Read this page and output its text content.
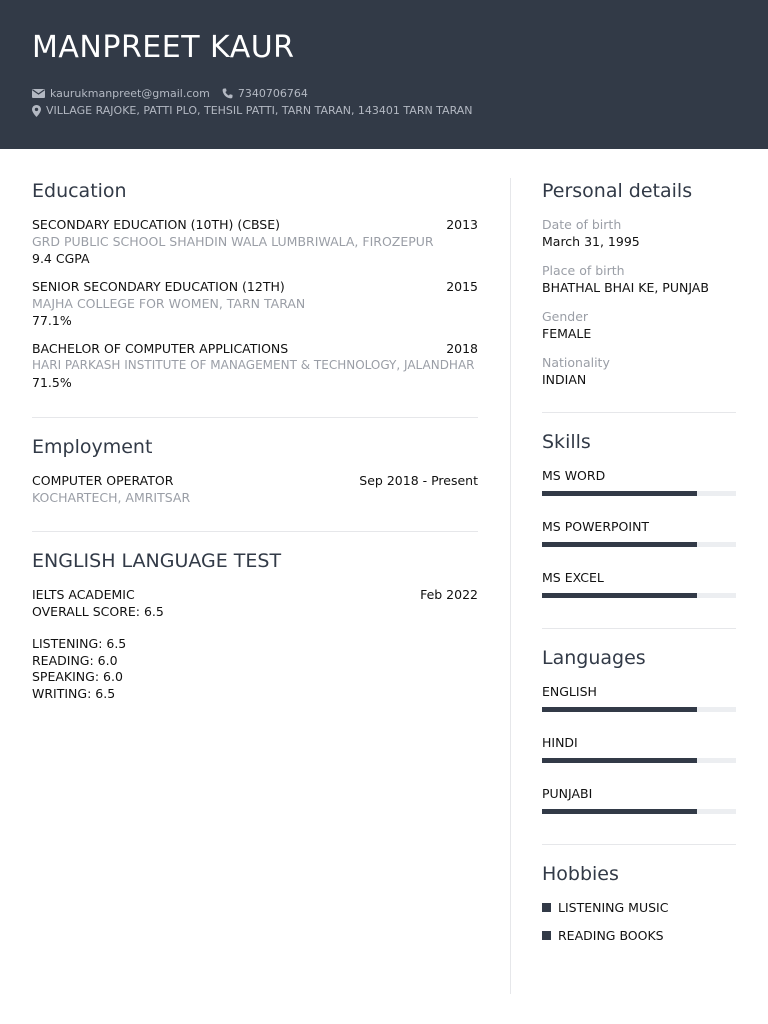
MANPREET KAUR
kaurukmanpreet@gmail.com	7340706764
VILLAGE RAJOKE, PATTI PLO, TEHSIL PATTI, TARN TARAN, 143401 TARN TARAN
Education
SECONDARY EDUCATION (10TH) (CBSE)	2013
GRD PUBLIC SCHOOL SHAHDIN WALA LUMBRIWALA, FIROZEPUR
9.4 CGPA
SENIOR SECONDARY EDUCATION (12TH)	2015
MAJHA COLLEGE FOR WOMEN, TARN TARAN
77.1%
BACHELOR OF COMPUTER APPLICATIONS	2018
HARI PARKASH INSTITUTE OF MANAGEMENT & TECHNOLOGY, JALANDHAR
71.5%
Employment
COMPUTER OPERATOR	Sep 2018 - Present
KOCHARTECH, AMRITSAR
ENGLISH LANGUAGE TEST
IELTS ACADEMIC	Feb 2022
OVERALL SCORE: 6.5
LISTENING: 6.5
READING: 6.0
SPEAKING: 6.0
WRITING: 6.5
Personal details
Date of birth
March 31, 1995
Place of birth
BHATHAL BHAI KE, PUNJAB
Gender
FEMALE
Nationality
INDIAN
Skills
MS WORD
MS POWERPOINT
MS EXCEL
Languages
ENGLISH
HINDI
PUNJABI
Hobbies
LISTENING MUSIC
READING BOOKS
